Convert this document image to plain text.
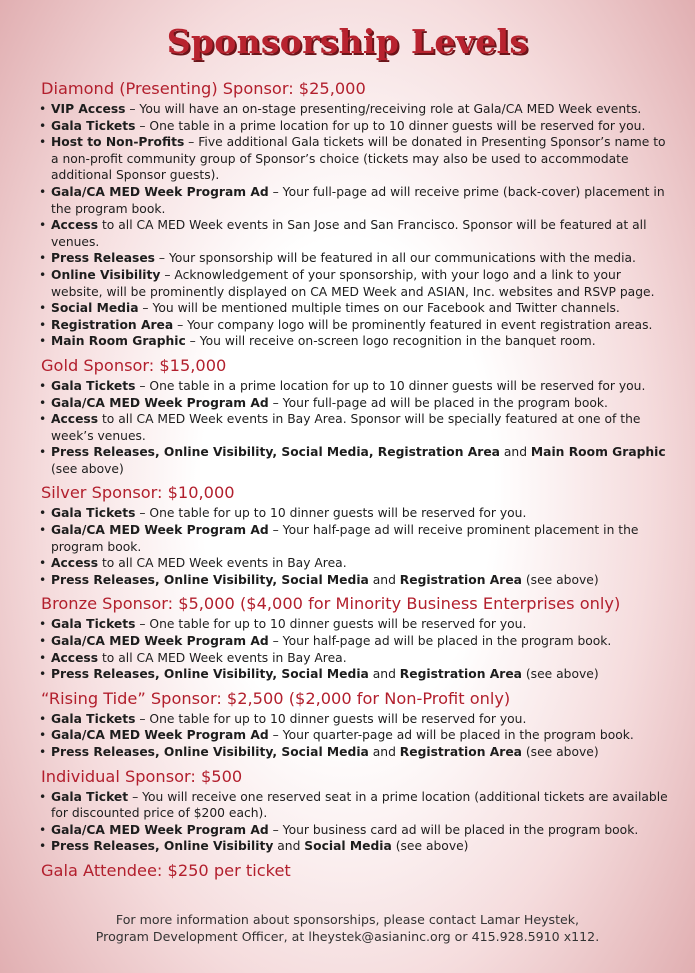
Sponsorship Levels
Diamond (Presenting) Sponsor: $25,000
• VIP Access – You will have an on-stage presenting/receiving role at Gala/CA MED Week events.
• Gala Tickets – One table in a prime location for up to 10 dinner guests will be reserved for you.
• Host to Non-Profits – Five additional Gala tickets will be donated in Presenting Sponsor’s name to a non-profit community group of Sponsor’s choice (tickets may also be used to accommodate additional Sponsor guests).
• Gala/CA MED Week Program Ad – Your full-page ad will receive prime (back-cover) placement in the program book.
• Access to all CA MED Week events in San Jose and San Francisco. Sponsor will be featured at all venues.
• Press Releases – Your sponsorship will be featured in all our communications with the media.
• Online Visibility – Acknowledgement of your sponsorship, with your logo and a link to your website, will be prominently displayed on CA MED Week and ASIAN, Inc. websites and RSVP page.
• Social Media – You will be mentioned multiple times on our Facebook and Twitter channels.
• Registration Area – Your company logo will be prominently featured in event registration areas.
• Main Room Graphic – You will receive on-screen logo recognition in the banquet room.
Gold Sponsor: $15,000
• Gala Tickets – One table in a prime location for up to 10 dinner guests will be reserved for you.
• Gala/CA MED Week Program Ad – Your full-page ad will be placed in the program book.
• Access to all CA MED Week events in Bay Area. Sponsor will be specially featured at one of the week’s venues.
• Press Releases, Online Visibility, Social Media, Registration Area and Main Room Graphic (see above)
Silver Sponsor: $10,000
• Gala Tickets – One table for up to 10 dinner guests will be reserved for you.
• Gala/CA MED Week Program Ad – Your half-page ad will receive prominent placement in the program book.
• Access to all CA MED Week events in Bay Area.
• Press Releases, Online Visibility, Social Media and Registration Area (see above)
Bronze Sponsor: $5,000 ($4,000 for Minority Business Enterprises only)
• Gala Tickets – One table for up to 10 dinner guests will be reserved for you.
• Gala/CA MED Week Program Ad – Your half-page ad will be placed in the program book.
• Access to all CA MED Week events in Bay Area.
• Press Releases, Online Visibility, Social Media and Registration Area (see above)
“Rising Tide” Sponsor: $2,500 ($2,000 for Non-Profit only)
• Gala Tickets – One table for up to 10 dinner guests will be reserved for you.
• Gala/CA MED Week Program Ad – Your quarter-page ad will be placed in the program book.
• Press Releases, Online Visibility, Social Media and Registration Area (see above)
Individual Sponsor: $500
• Gala Ticket – You will receive one reserved seat in a prime location (additional tickets are available for discounted price of $200 each).
• Gala/CA MED Week Program Ad – Your business card ad will be placed in the program book.
• Press Releases, Online Visibility and Social Media (see above)
Gala Attendee: $250 per ticket
For more information about sponsorships, please contact Lamar Heystek,
Program Development Officer, at lheystek@asianinc.org or 415.928.5910 x112.
